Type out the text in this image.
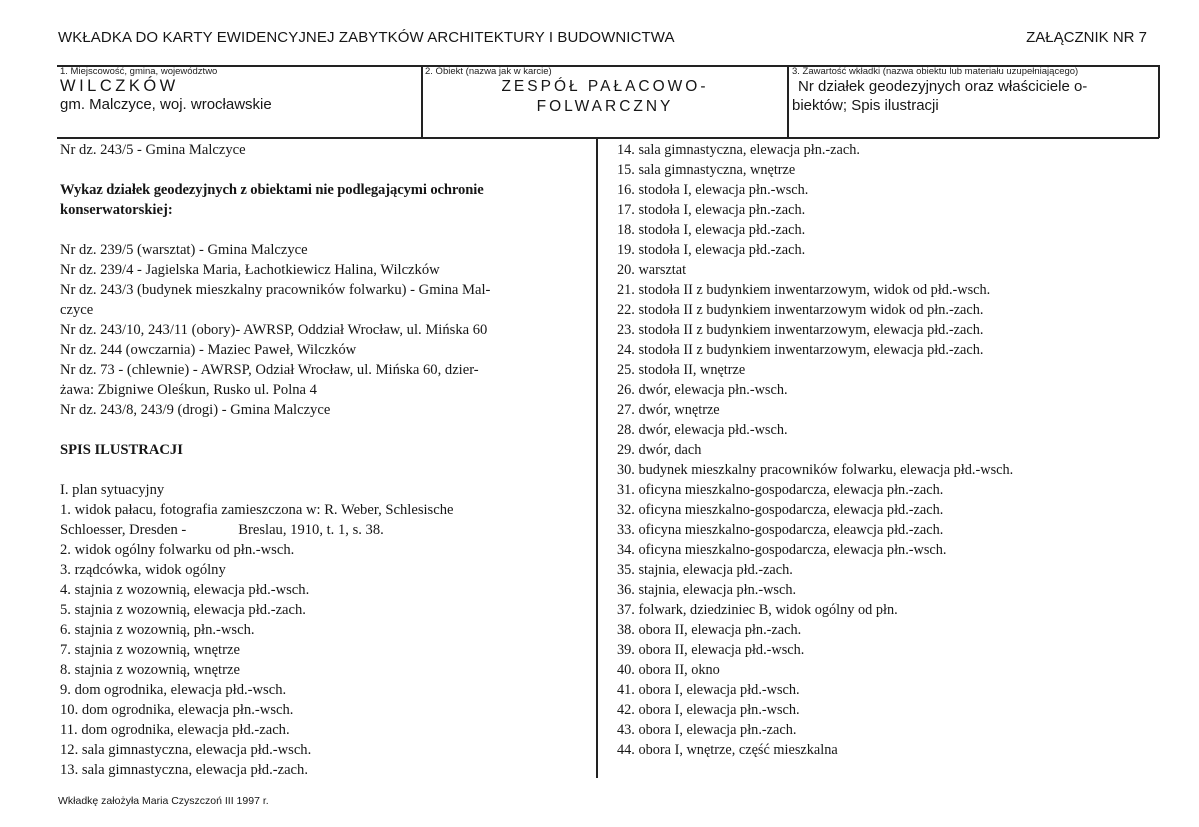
WKŁADKA DO KARTY EWIDENCYJNEJ ZABYTKÓW ARCHITEKTURY I BUDOWNICTWA	ZAŁĄCZNIK NR 7
1. Miejscowość, gmina, województwo
WILCZKÓW
gm. Malczyce, woj. wrocławskie
2. Obiekt (nazwa jak w karcie)
ZESPÓŁ PAŁACOWO-
FOLWARCZNY
3. Zawartość wkładki (nazwa obiektu lub materiału uzupełniającego)
Nr działek geodezyjnych oraz właściciele o-
biektów; Spis ilustracji

Nr dz. 243/5 - Gmina Malczyce

Wykaz działek geodezyjnych z obiektami nie podlegającymi ochronie

konserwatorskiej:

Nr dz. 239/5 (warsztat) - Gmina Malczyce

Nr dz. 239/4 - Jagielska Maria, Łachotkiewicz Halina, Wilczków

Nr dz. 243/3 (budynek mieszkalny pracowników folwarku) - Gmina Mal-

czyce

Nr dz. 243/10, 243/11 (obory)- AWRSP, Oddział Wrocław, ul. Mińska 60

Nr dz. 244 (owczarnia) - Maziec Paweł, Wilczków

Nr dz. 73 - (chlewnie) - AWRSP, Odział Wrocław, ul. Mińska 60, dzier-

żawa: Zbigniwe Oleśkun, Rusko ul. Polna 4

Nr dz. 243/8, 243/9 (drogi) - Gmina Malczyce

SPIS ILUSTRACJI

I. plan sytuacyjny

1. widok pałacu, fotografia zamieszczona w: R. Weber, Schlesische

Schloesser, Dresden -	Breslau, 1910, t. 1, s. 38.

2. widok ogólny folwarku od płn.-wsch.

3. rządcówka, widok ogólny

4. stajnia z wozownią, elewacja płd.-wsch.

5. stajnia z wozownią, elewacja płd.-zach.

6. stajnia z wozownią, płn.-wsch.

7. stajnia z wozownią, wnętrze

8. stajnia z wozownią, wnętrze

9. dom ogrodnika, elewacja płd.-wsch.

10. dom ogrodnika, elewacja płn.-wsch.

11. dom ogrodnika, elewacja płd.-zach.

12. sala gimnastyczna, elewacja płd.-wsch.

13. sala gimnastyczna, elewacja płd.-zach.

14. sala gimnastyczna, elewacja płn.-zach.

15. sala gimnastyczna, wnętrze

16. stodoła I, elewacja płn.-wsch.

17. stodoła I, elewacja płn.-zach.

18. stodoła I, elewacja płd.-zach.

19. stodoła I, elewacja płd.-zach.

20. warsztat

21. stodoła II z budynkiem inwentarzowym, widok od płd.-wsch.

22. stodoła II z budynkiem inwentarzowym widok od płn.-zach.

23. stodoła II z budynkiem inwentarzowym, elewacja płd.-zach.

24. stodoła II z budynkiem inwentarzowym, elewacja płd.-zach.

25. stodoła II, wnętrze

26. dwór, elewacja płn.-wsch.

27. dwór, wnętrze

28. dwór, elewacja płd.-wsch.

29. dwór, dach

30. budynek mieszkalny pracowników folwarku, elewacja płd.-wsch.

31. oficyna mieszkalno-gospodarcza, elewacja płn.-zach.

32. oficyna mieszkalno-gospodarcza, elewacja płd.-zach.

33. oficyna mieszkalno-gospodarcza, eleawcja płd.-zach.

34. oficyna mieszkalno-gospodarcza, elewacja płn.-wsch.

35. stajnia, elewacja płd.-zach.

36. stajnia, elewacja płn.-wsch.

37. folwark, dziedziniec B, widok ogólny od płn.

38. obora II, elewacja płn.-zach.

39. obora II, elewacja płd.-wsch.

40. obora II, okno

41. obora I, elewacja płd.-wsch.

42. obora I, elewacja płn.-wsch.

43. obora I, elewacja płn.-zach.

44. obora I, wnętrze, część mieszkalna

Wkładkę założyła Maria Czyszczoń III 1997 r.
